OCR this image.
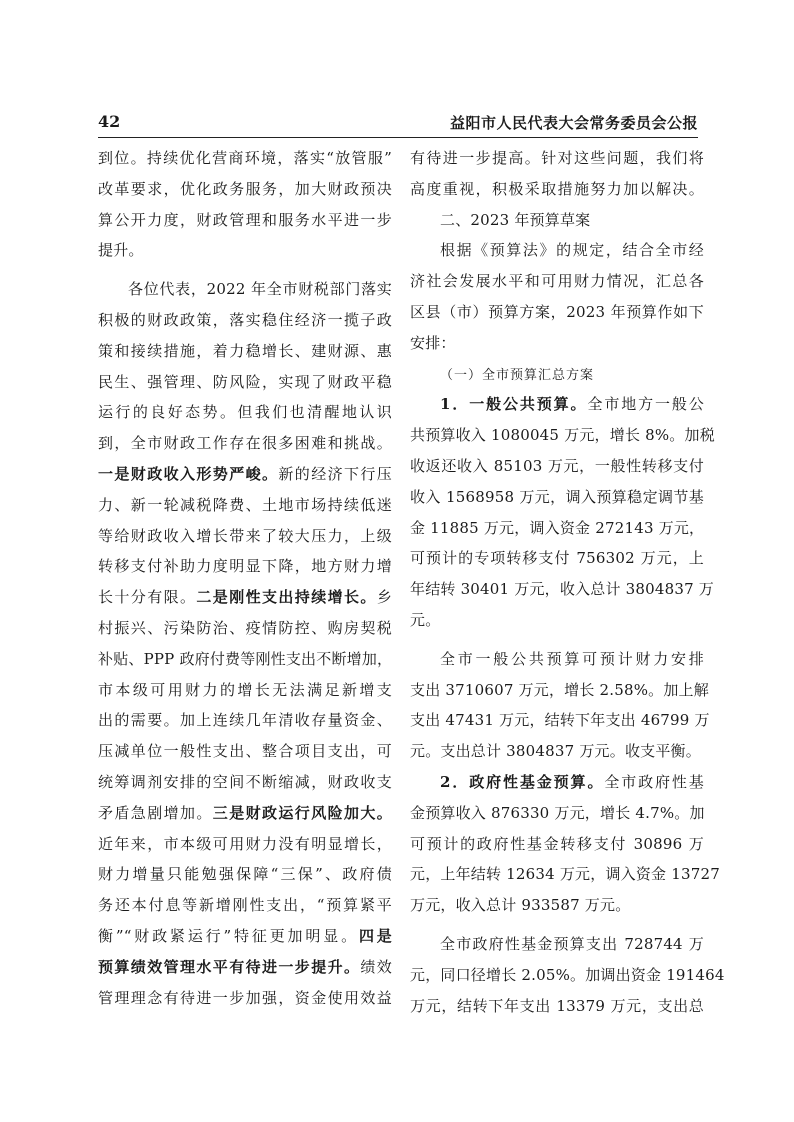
42	益阳市人民代表大会常务委员会公报
到位。持续优化营商环境，落实“放管服”
改革要求，优化政务服务，加大财政预决
算公开力度，财政管理和服务水平进一步
提升。
各位代表，2022 年全市财税部门落实
积极的财政政策，落实稳住经济一揽子政
策和接续措施，着力稳增长、建财源、惠
民生、强管理、防风险，实现了财政平稳
运行的良好态势。但我们也清醒地认识
到，全市财政工作存在很多困难和挑战。
一是财政收入形势严峻。新的经济下行压
力、新一轮减税降费、土地市场持续低迷
等给财政收入增长带来了较大压力，上级
转移支付补助力度明显下降，地方财力增
长十分有限。二是刚性支出持续增长。乡
村振兴、污染防治、疫情防控、购房契税
补贴、PPP 政府付费等刚性支出不断增加，
市本级可用财力的增长无法满足新增支
出的需要。加上连续几年清收存量资金、
压减单位一般性支出、整合项目支出，可
统筹调剂安排的空间不断缩减，财政收支
矛盾急剧增加。三是财政运行风险加大。
近年来，市本级可用财力没有明显增长，
财力增量只能勉强保障“三保”、政府债
务还本付息等新增刚性支出，“预算紧平
衡”“财政紧运行”特征更加明显。四是
预算绩效管理水平有待进一步提升。绩效
管理理念有待进一步加强，资金使用效益
有待进一步提高。针对这些问题，我们将
高度重视，积极采取措施努力加以解决。
二、2023 年预算草案
根据《预算法》的规定，结合全市经
济社会发展水平和可用财力情况，汇总各
区县（市）预算方案，2023 年预算作如下
安排：
（一）全市预算汇总方案
1．一般公共预算。全市地方一般公
共预算收入 1080045 万元，增长 8%。加税
收返还收入 85103 万元，一般性转移支付
收入 1568958 万元，调入预算稳定调节基
金 11885 万元，调入资金 272143 万元，
可预计的专项转移支付 756302 万元，上
年结转 30401 万元，收入总计 3804837 万
元。
全市一般公共预算可预计财力安排
支出 3710607 万元，增长 2.58%。加上解
支出 47431 万元，结转下年支出 46799 万
元。支出总计 3804837 万元。收支平衡。
2．政府性基金预算。全市政府性基
金预算收入 876330 万元，增长 4.7%。加
可预计的政府性基金转移支付 30896 万
元，上年结转 12634 万元，调入资金 13727
万元，收入总计 933587 万元。
全市政府性基金预算支出 728744 万
元，同口径增长 2.05%。加调出资金 191464
万元，结转下年支出 13379 万元，支出总
